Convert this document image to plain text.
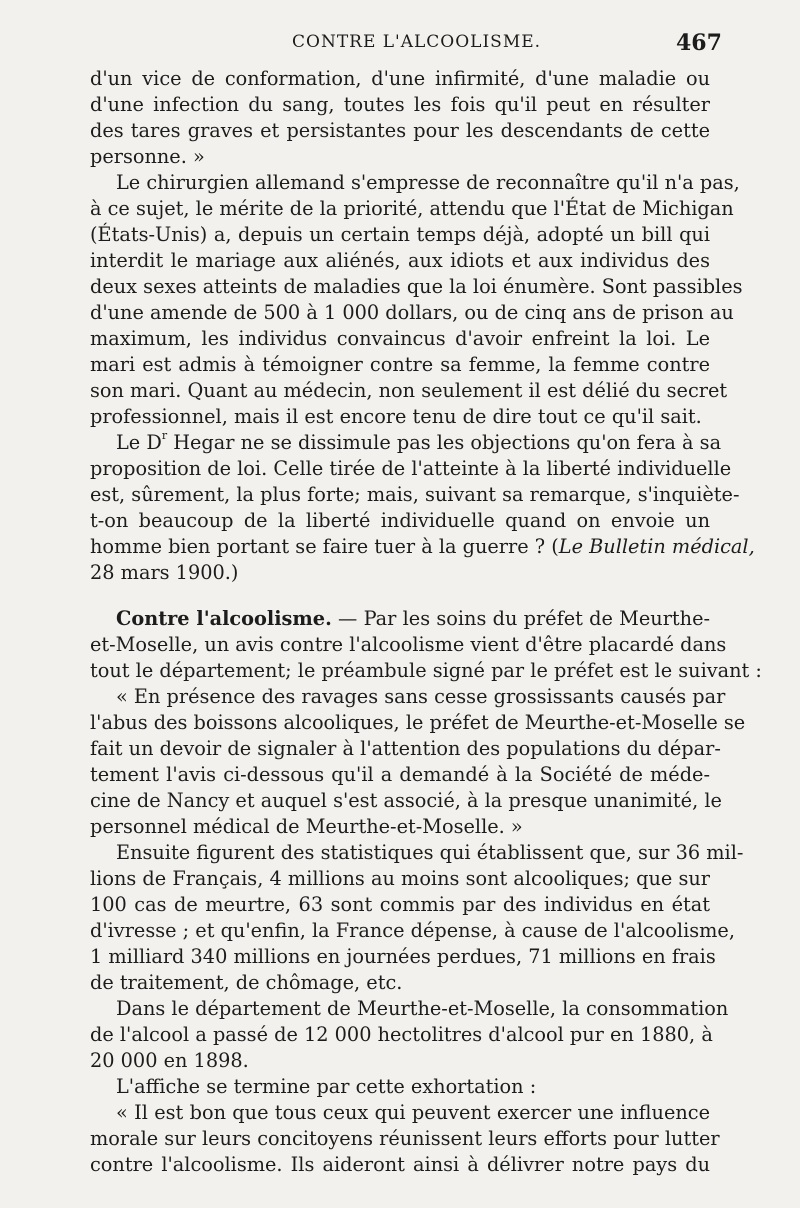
CONTRE L'ALCOOLISME.	467
d'un vice de conformation, d'une infirmité, d'une maladie ou
d'une infection du sang, toutes les fois qu'il peut en résulter
des tares graves et persistantes pour les descendants de cette
personne. »
Le chirurgien allemand s'empresse de reconnaître qu'il n'a pas,
à ce sujet, le mérite de la priorité, attendu que l'État de Michigan
(États-Unis) a, depuis un certain temps déjà, adopté un bill qui
interdit le mariage aux aliénés, aux idiots et aux individus des
deux sexes atteints de maladies que la loi énumère. Sont passibles
d'une amende de 500 à 1 000 dollars, ou de cinq ans de prison au
maximum, les individus convaincus d'avoir enfreint la loi. Le
mari est admis à témoigner contre sa femme, la femme contre
son mari. Quant au médecin, non seulement il est délié du secret
professionnel, mais il est encore tenu de dire tout ce qu'il sait.
Le $D^r$ Hegar ne se dissimule pas les objections qu'on fera à sa
proposition de loi. Celle tirée de l'atteinte à la liberté individuelle
est, sûrement, la plus forte; mais, suivant sa remarque, s'inquiète-
t-on beaucoup de la liberté individuelle quand on envoie un
homme bien portant se faire tuer à la guerre ? (Le Bulletin médical,
28 mars 1900.)
Contre l'alcoolisme. — Par les soins du préfet de Meurthe-
et-Moselle, un avis contre l'alcoolisme vient d'être placardé dans
tout le département; le préambule signé par le préfet est le suivant :
« En présence des ravages sans cesse grossissants causés par
l'abus des boissons alcooliques, le préfet de Meurthe-et-Moselle se
fait un devoir de signaler à l'attention des populations du dépar-
tement l'avis ci-dessous qu'il a demandé à la Société de méde-
cine de Nancy et auquel s'est associé, à la presque unanimité, le
personnel médical de Meurthe-et-Moselle. »
Ensuite figurent des statistiques qui établissent que, sur 36 mil-
lions de Français, 4 millions au moins sont alcooliques; que sur
100 cas de meurtre, 63 sont commis par des individus en état
d'ivresse ; et qu'enfin, la France dépense, à cause de l'alcoolisme,
1 milliard 340 millions en journées perdues, 71 millions en frais
de traitement, de chômage, etc.
Dans le département de Meurthe-et-Moselle, la consommation
de l'alcool a passé de 12 000 hectolitres d'alcool pur en 1880, à
20 000 en 1898.
L'affiche se termine par cette exhortation :
« Il est bon que tous ceux qui peuvent exercer une influence
morale sur leurs concitoyens réunissent leurs efforts pour lutter
contre l'alcoolisme. Ils aideront ainsi à délivrer notre pays du
